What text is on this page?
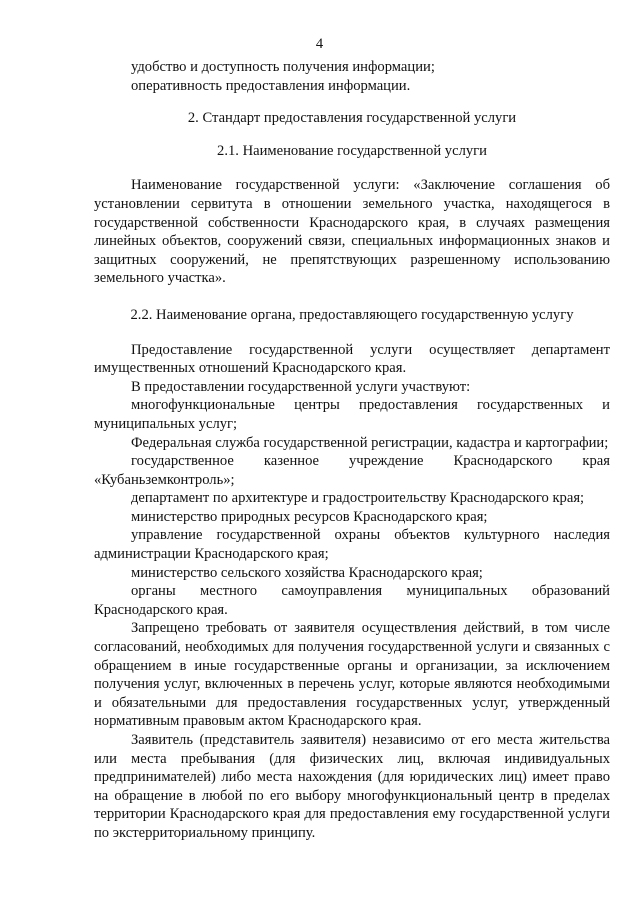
4

удобство и доступность получения информации;

оперативность предоставления информации.

2. Стандарт предоставления государственной услуги
2.1. Наименование государственной услуги

Наименование государственной услуги: «Заключение соглашения об установлении сервитута в отношении земельного участка, находящегося в государственной собственности Краснодарского края, в случаях размещения линейных объектов, сооружений связи, специальных информационных знаков и защитных сооружений, не препятствующих разрешенному использованию земельного участка».

2.2. Наименование органа, предоставляющего государственную услугу

Предоставление государственной услуги осуществляет департамент имущественных отношений Краснодарского края.

В предоставлении государственной услуги участвуют:

многофункциональные центры предоставления государственных и муниципальных услуг;

Федеральная служба государственной регистрации, кадастра и картографии;

государственное казенное учреждение Краснодарского края «Кубаньземконтроль»;

департамент по архитектуре и градостроительству Краснодарского края;

министерство природных ресурсов Краснодарского края;

управление государственной охраны объектов культурного наследия администрации Краснодарского края;

министерство сельского хозяйства Краснодарского края;

органы местного самоуправления муниципальных образований Краснодарского края.

Запрещено требовать от заявителя осуществления действий, в том числе согласований, необходимых для получения государственной услуги и связанных с обращением в иные государственные органы и организации, за исключением получения услуг, включенных в перечень услуг, которые являются необходимыми и обязательными для предоставления государственных услуг, утвержденный нормативным правовым актом Краснодарского края.

Заявитель (представитель заявителя) независимо от его места жительства или места пребывания (для физических лиц, включая индивидуальных предпринимателей) либо места нахождения (для юридических лиц) имеет право на обращение в любой по его выбору многофункциональный центр в пределах территории Краснодарского края для предоставления ему государственной услуги по экстерриториальному принципу.
